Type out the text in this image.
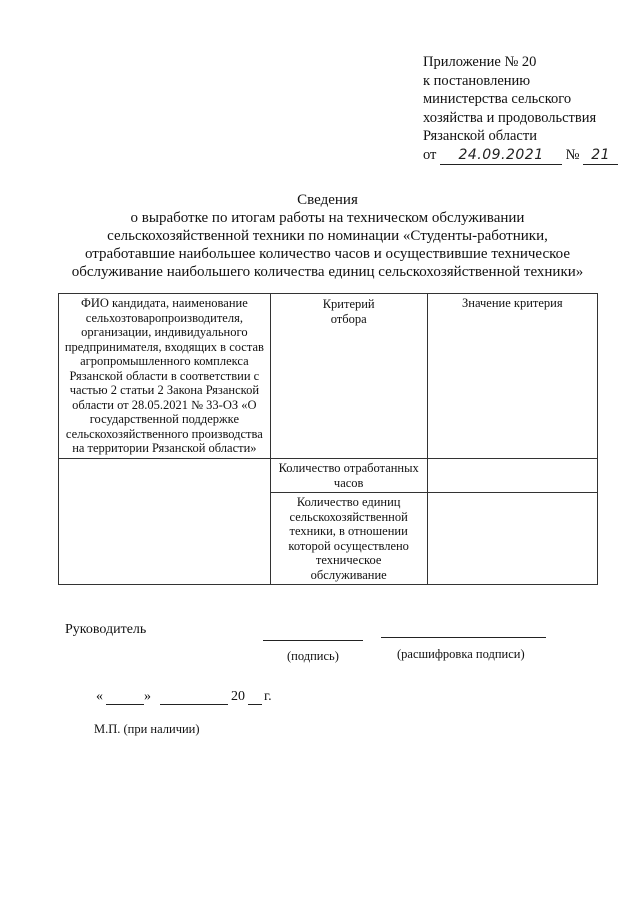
Приложение № 20
к постановлению
министерства сельского
хозяйства и продовольствия
Рязанской области
от 24.09.2021 № 21
Сведения
о выработке по итогам работы на техническом обслуживании
сельскохозяйственной техники по номинации «Студенты-работники,
отработавшие наибольшее количество часов и осуществившие техническое
обслуживание наибольшего количества единиц сельскохозяйственной техники»
ФИО кандидата, наименование сельхозтоваропроизводителя, организации, индивидуального предпринимателя, входящих в состав агропромышленного комплекса Рязанской области в соответствии с частью 2 статьи 2 Закона Рязанской области от 28.05.2021 № 33-ОЗ «О государственной поддержке сельскохозяйственного производства на территории Рязанской области»	Критерий отбора	Значение критерия
	Количество отработанных часов	

	Количество единиц сельскохозяйственной техники, в отношении которой осуществлено техническое обслуживание	

Руководитель
(подпись)	(расшифровка подписи)
«	»	20 г.
М.П. (при наличии)
